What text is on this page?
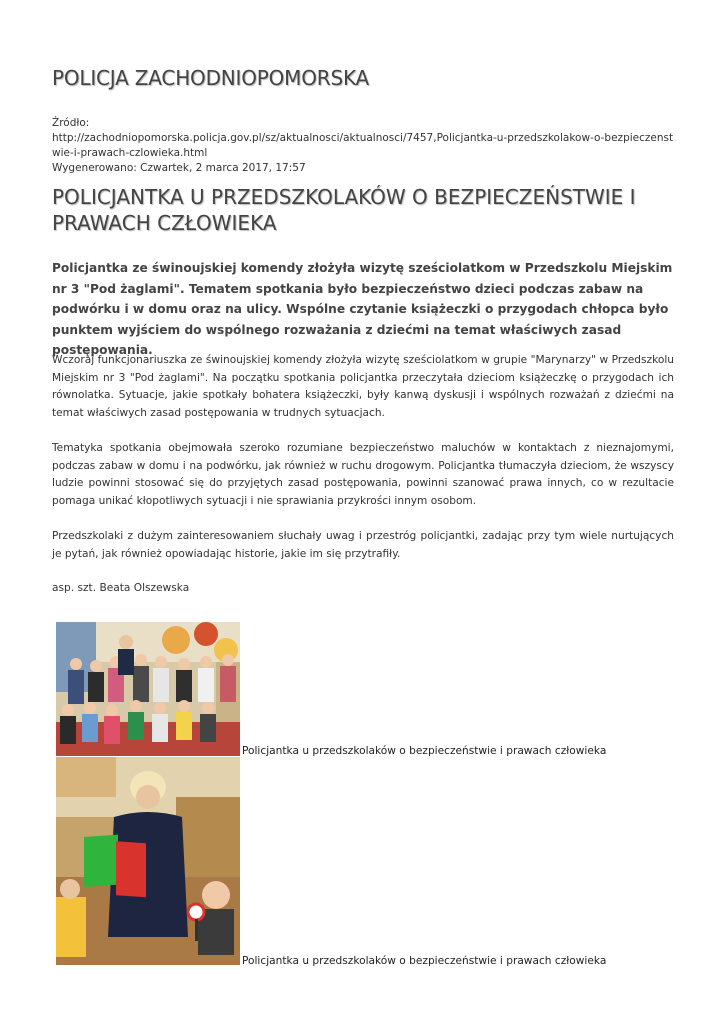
POLICJA ZACHODNIOPOMORSKA
Źródło:
http://zachodniopomorska.policja.gov.pl/sz/aktualnosci/aktualnosci/7457,Policjantka-u-przedszkolakow-o-bezpieczenstwie-i-prawach-czlowieka.html
Wygenerowano: Czwartek, 2 marca 2017, 17:57
POLICJANTKA U PRZEDSZKOLAKÓW O BEZPIECZEŃSTWIE I PRAWACH CZŁOWIEKA

Policjantka ze świnoujskiej komendy złożyła wizytę sześciolatkom w Przedszkolu Miejskim nr 3 "Pod żaglami". Tematem spotkania było bezpieczeństwo dzieci podczas zabaw na podwórku i w domu oraz na ulicy. Wspólne czytanie książeczki o przygodach chłopca było punktem wyjściem do wspólnego rozważania z dziećmi na temat właściwych zasad postępowania.

Wczoraj funkcjonariuszka ze świnoujskiej komendy złożyła wizytę sześciolatkom w grupie "Marynarzy" w Przedszkolu Miejskim nr 3 "Pod żaglami". Na początku spotkania policjantka przeczytała dzieciom książeczkę o przygodach ich równolatka. Sytuacje, jakie spotkały bohatera książeczki, były kanwą dyskusji i wspólnych rozważań z dziećmi na temat właściwych zasad postępowania w trudnych sytuacjach.

Tematyka spotkania obejmowała szeroko rozumiane bezpieczeństwo maluchów w kontaktach z nieznajomymi, podczas zabaw w domu i na podwórku, jak również w ruchu drogowym. Policjantka tłumaczyła dzieciom, że wszyscy ludzie powinni stosować się do przyjętych zasad postępowania, powinni szanować prawa innych, co w rezultacie pomaga unikać kłopotliwych sytuacji i nie sprawiania przykrości innym osobom.

Przedszkolaki z dużym zainteresowaniem słuchały uwag i przestróg policjantki, zadając przy tym wiele nurtujących je pytań, jak również opowiadając historie, jakie im się przytrafiły.

asp. szt. Beata Olszewska

Policjantka u przedszkolaków o bezpieczeństwie i prawach człowieka

Policjantka u przedszkolaków o bezpieczeństwie i prawach człowieka
